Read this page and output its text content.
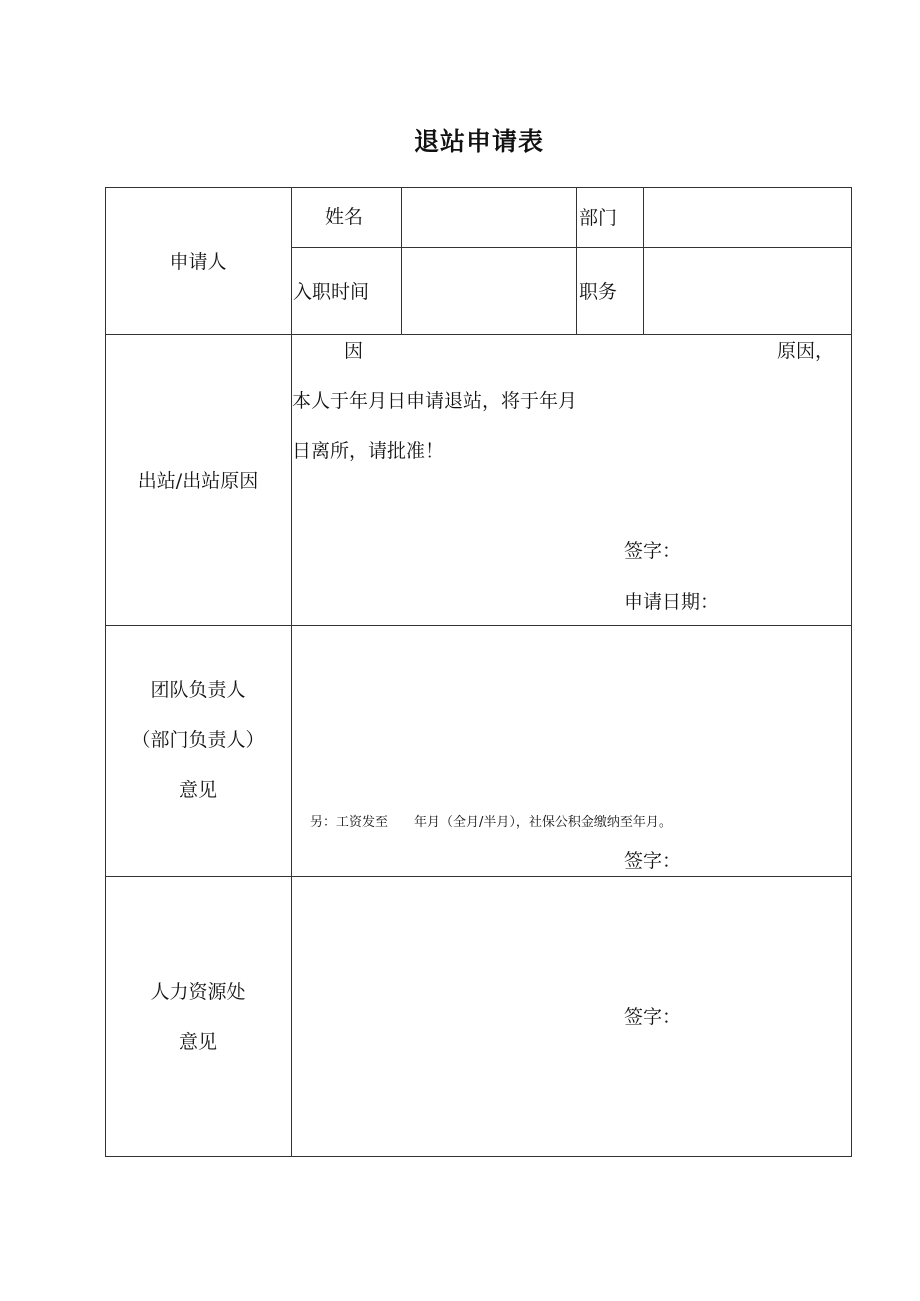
退站申请表
申请人
姓名	部门
入职时间	职务
出站/出站原因
因	原因，
本人于年月日申请退站，将于年月
日离所，请批准！
签字：
申请日期：
团队负责人
（部门负责人）
意见
另：工资发至　　年月（全月/半月），社保公积金缴纳至年月。
签字：
人力资源处
意见
签字：
